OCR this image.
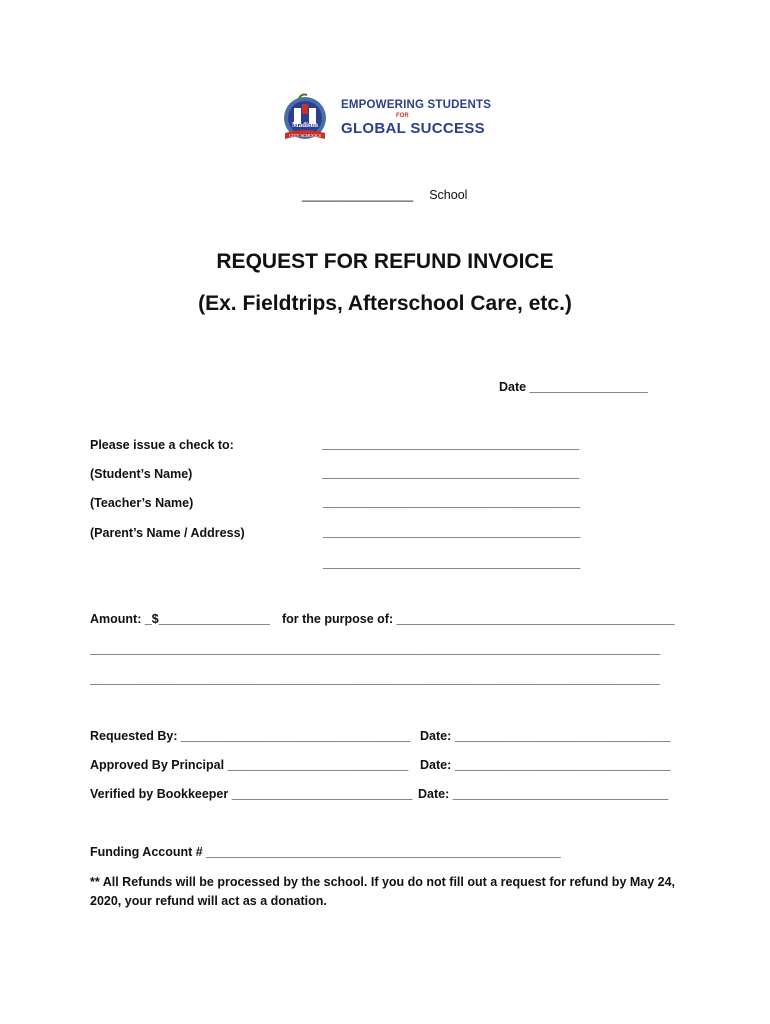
Madison
CITY SCHOOLS
EMPOWERING STUDENTS
FOR
GLOBAL SUCCESS
________________ School
REQUEST FOR REFUND INVOICE
(Ex. Fieldtrips, Afterschool Care, etc.)
Date _________________
Please issue a check to:	_____________________________________
(Student’s Name)	_____________________________________
(Teacher’s Name)	_____________________________________
(Parent’s Name / Address)	_____________________________________
_____________________________________
Amount: _$________________ for the purpose of: ________________________________________
__________________________________________________________________________________
__________________________________________________________________________________
Requested By: _________________________________ Date: _______________________________
Approved By Principal __________________________ Date: _______________________________
Verified by Bookkeeper __________________________ Date: _______________________________
Funding Account # ___________________________________________________
** All Refunds will be processed by the school. If you do not fill out a request for refund by May 24,
2020, your refund will act as a donation.
